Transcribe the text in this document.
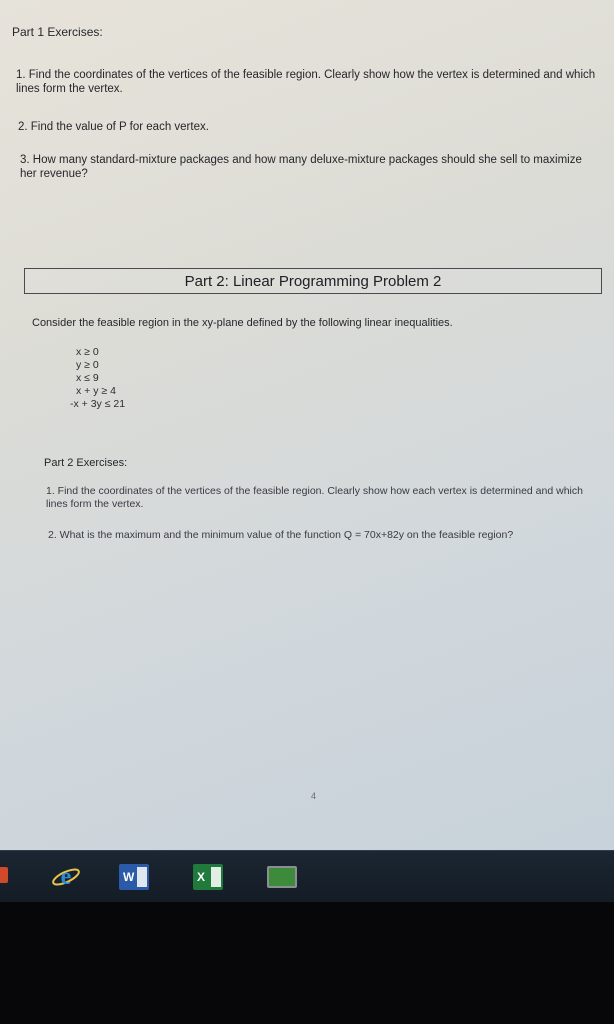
Part 1 Exercises:

1. Find the coordinates of the vertices of the feasible region. Clearly show how the vertex is determined and which lines form the vertex.

2. Find the value of P for each vertex.

3. How many standard-mixture packages and how many deluxe-mixture packages should she sell to maximize her revenue?

Part 2: Linear Programming Problem 2

Consider the feasible region in the xy-plane defined by the following linear inequalities.

x ≥ 0
y ≥ 0
x ≤ 9
x + y ≥ 4
-x + 3y ≤ 21

Part 2 Exercises:

1. Find the coordinates of the vertices of the feasible region. Clearly show how each vertex is determined and which lines form the vertex.

2. What is the maximum and the minimum value of the function Q = 70x+82y on the feasible region?

4

e	W	X
